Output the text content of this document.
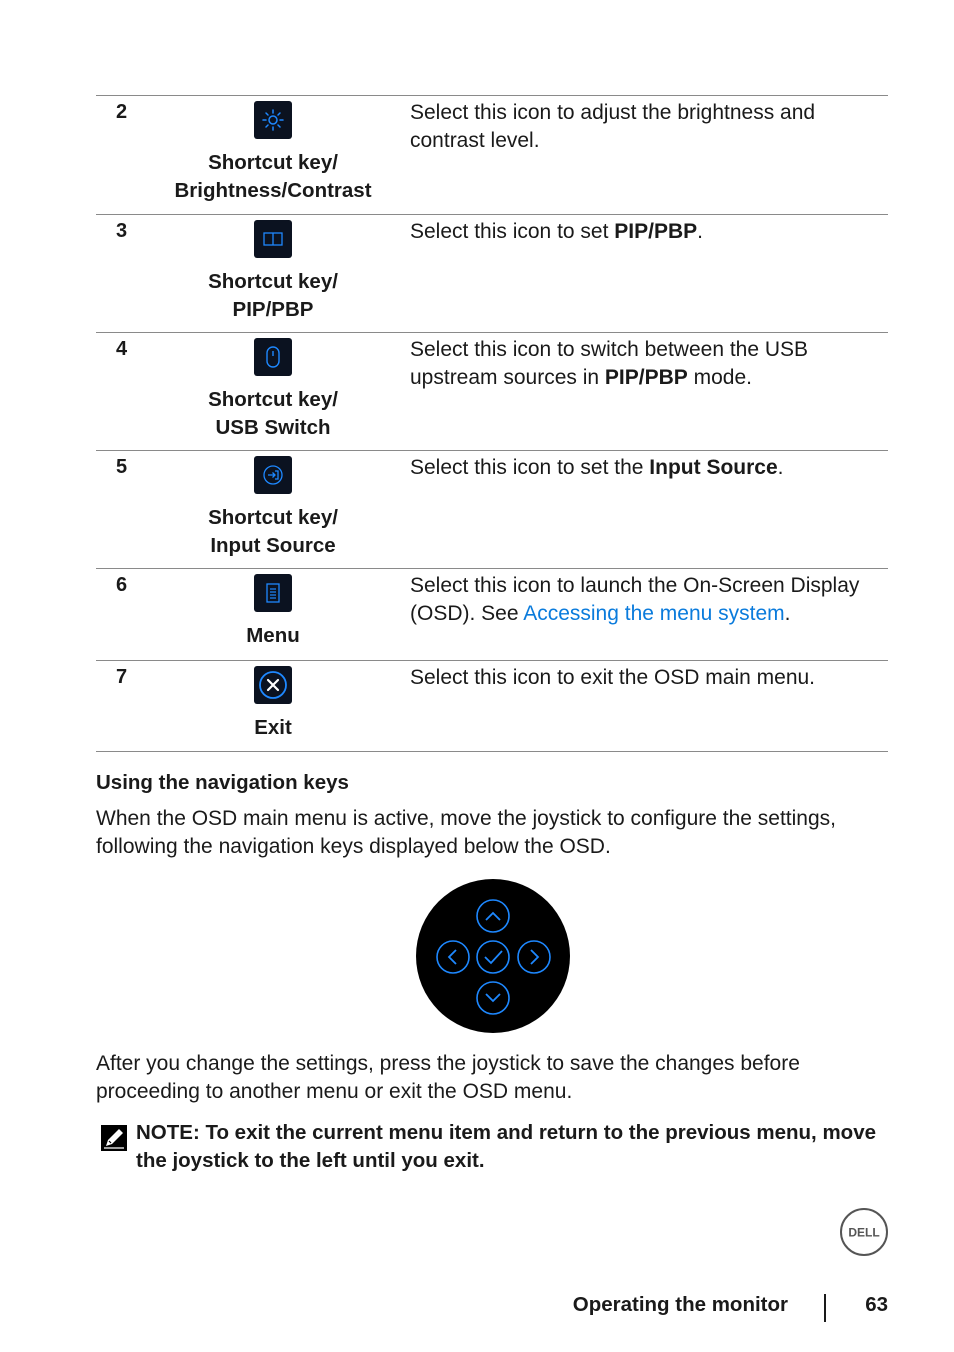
2
Shortcut key/
Brightness/Contrast
Select this icon to adjust the brightness and contrast level.
3
Shortcut key/
PIP/PBP
Select this icon to set PIP/PBP.
4
Shortcut key/
USB Switch
Select this icon to switch between the USB upstream sources in PIP/PBP mode.
5
Shortcut key/
Input Source
Select this icon to set the Input Source.
6
Menu
Select this icon to launch the On-Screen Display (OSD). See Accessing the menu system.
7
Exit
Select this icon to exit the OSD main menu.
Using the navigation keys
When the OSD main menu is active, move the joystick to configure the settings, following the navigation keys displayed below the OSD.
After you change the settings, press the joystick to save the changes before proceeding to another menu or exit the OSD menu.
NOTE: To exit the current menu item and return to the previous menu, move the joystick to the left until you exit.
DELL
Operating the monitor	63
